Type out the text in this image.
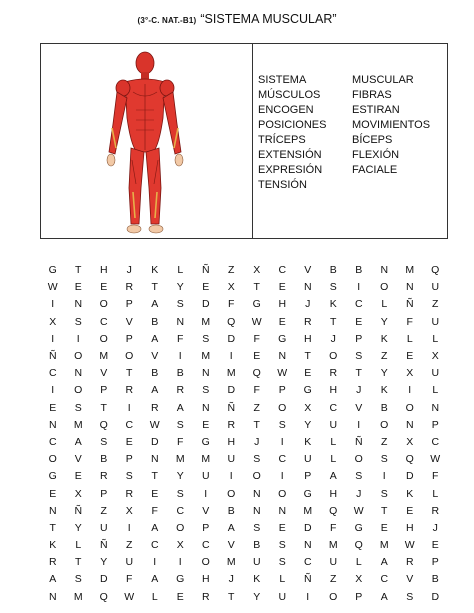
(3°-C. NAT.-B1) “SISTEMA MUSCULAR”
SISTEMA	MUSCULAR
MÚSCULOS	FIBRAS
ENCOGEN	ESTIRAN
POSICIONES	MOVIMIENTOS
TRÍCEPS	BÍCEPS
EXTENSIÓN	FLEXIÓN
EXPRESIÓN	FACIALE
TENSIÓN
G	T	H	J	K	L	Ñ	Z	X	C	V	B	B	N	M	Q
W	E	E	R	T	Y	E	X	T	E	N	S	I	O	N	U
I	N	O	P	A	S	D	F	G	H	J	K	C	L	Ñ	Z
X	S	C	V	B	N	M	Q	W	E	R	T	E	Y	F	U
I	I	O	P	A	F	S	D	F	G	H	J	P	K	L	L
Ñ	O	M	O	V	I	M	I	E	N	T	O	S	Z	E	X
C	N	V	T	B	B	N	M	Q	W	E	R	T	Y	X	U
I	O	P	R	A	R	S	D	F	P	G	H	J	K	I	L
E	S	T	I	R	A	N	Ñ	Z	O	X	C	V	B	O	N
N	M	Q	C	W	S	E	R	T	S	Y	U	I	O	N	P
C	A	S	E	D	F	G	H	J	I	K	L	Ñ	Z	X	C
O	V	B	P	N	M	M	U	S	C	U	L	O	S	Q	W
G	E	R	S	T	Y	U	I	O	I	P	A	S	I	D	F
E	X	P	R	E	S	I	O	N	O	G	H	J	S	K	L
N	Ñ	Z	X	F	C	V	B	N	N	M	Q	W	T	E	R
T	Y	U	I	A	O	P	A	S	E	D	F	G	E	H	J
K	L	Ñ	Z	C	X	C	V	B	S	N	M	Q	M	W	E
R	T	Y	U	I	I	O	M	U	S	C	U	L	A	R	P
A	S	D	F	A	G	H	J	K	L	Ñ	Z	X	C	V	B
N	M	Q	W	L	E	R	T	Y	U	I	O	P	A	S	D
